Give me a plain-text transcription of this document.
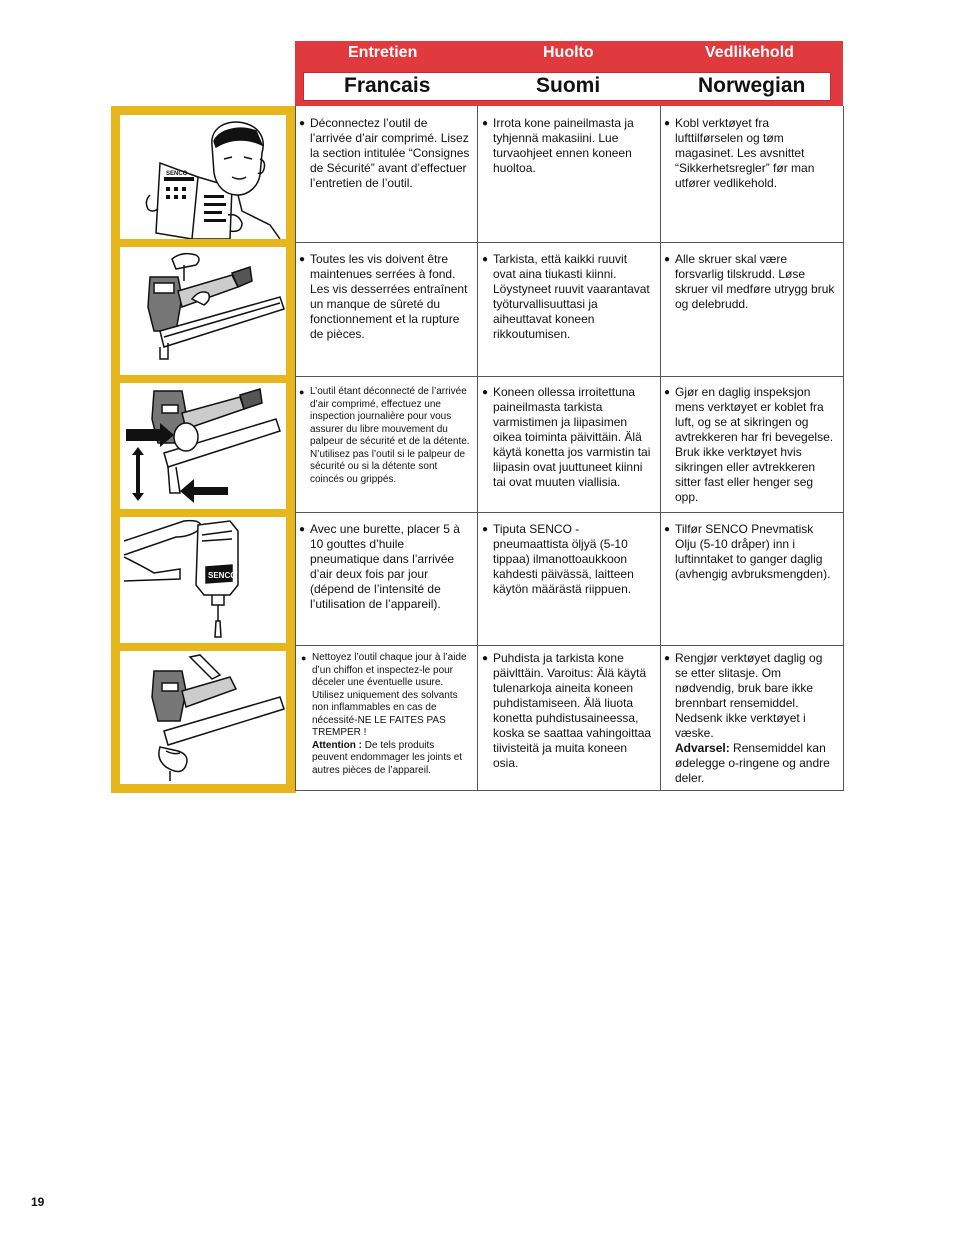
Entretien	Huolto	Vedlikehold
Francais	Suomi	Norwegian
SENCO
SENCO
● Déconnectez l’outil de l’arrivée d’air comprimé. Lisez la section intitulée “Consignes de Sécurité” avant d’effectuer l’entretien de l’outil.
● Irrota kone paineilmasta ja tyhjennä makasiini. Lue turvaohjeet ennen koneen huoltoa.
● Kobl verktøyet fra lufttilførselen og tøm magasinet. Les avsnittet “Sikkerhetsregler” før man utfører vedlikehold.
● Toutes les vis doivent être maintenues serrées à fond. Les vis desserrées entraînent un manque de sûreté du fonctionnement et la rupture de pièces.
● Tarkista, että kaikki ruuvit ovat aina tiukasti kiinni. Löystyneet ruuvit vaarantavat työturvallisuuttasi ja aiheuttavat koneen rikkoutumisen.
● Alle skruer skal være forsvarlig tilskrudd. Løse skruer vil medføre utrygg bruk og delebrudd.
● L’outil étant déconnecté de l’arrivée d’air comprimé, effectuez une inspection journalière pour vous assurer du libre mouvement du palpeur de sécurité et de la détente. N’utilisez pas l’outil si le palpeur de sécurité ou si la détente sont coincés ou grippés.
● Koneen ollessa irroitettuna paineilmasta tarkista varmistimen ja liipasimen oikea toiminta päivittäin. Älä käytä konetta jos varmistin tai liipasin ovat juuttuneet kiinni tai ovat muuten viallisia.
● Gjør en daglig inspeksjon mens verktøyet er koblet fra luft, og se at sikringen og avtrekkeren har fri bevegelse. Bruk ikke verktøyet hvis sikringen eller avtrekkeren sitter fast eller henger seg opp.
● Avec une burette, placer 5 à 10 gouttes d’huile pneumatique dans l’arrivée d’air deux fois par jour (dépend de l’intensité de l’utilisation de l’appareil).
● Tiputa SENCO - pneumaattista öljyä (5-10 tippaa) ilmanottoaukkoon kahdesti päivässä, laitteen käytön määrästä riippuen.
● Tilfør SENCO Pnevmatisk Olju (5-10 dråper) inn i luftinntaket to ganger daglig (avhengig avbruksmengden).
● Nettoyez l’outil chaque jour à l’aide d’un chiffon et inspectez-le pour déceler une éventuelle usure. Utilisez uniquement des solvants non inflammables en cas de nécessité-NE LE FAITES PAS TREMPER !
Attention : De tels produits peuvent endommager les joints et autres pièces de l’appareil.
● Puhdista ja tarkista kone päivlttäin. Varoitus: Älä käytä tulenarkoja aineita koneen puhdistamiseen. Älä liuota konetta puhdistusaineessa, koska se saattaa vahingoittaa tiivisteitä ja muita koneen osia.
● Rengjør verktøyet daglig og se etter slitasje. Om nødvendig, bruk bare ikke brennbart rensemiddel. Nedsenk ikke verktøyet i væske.
Advarsel: Rensemiddel kan ødelegge o-ringene og andre deler.
19
